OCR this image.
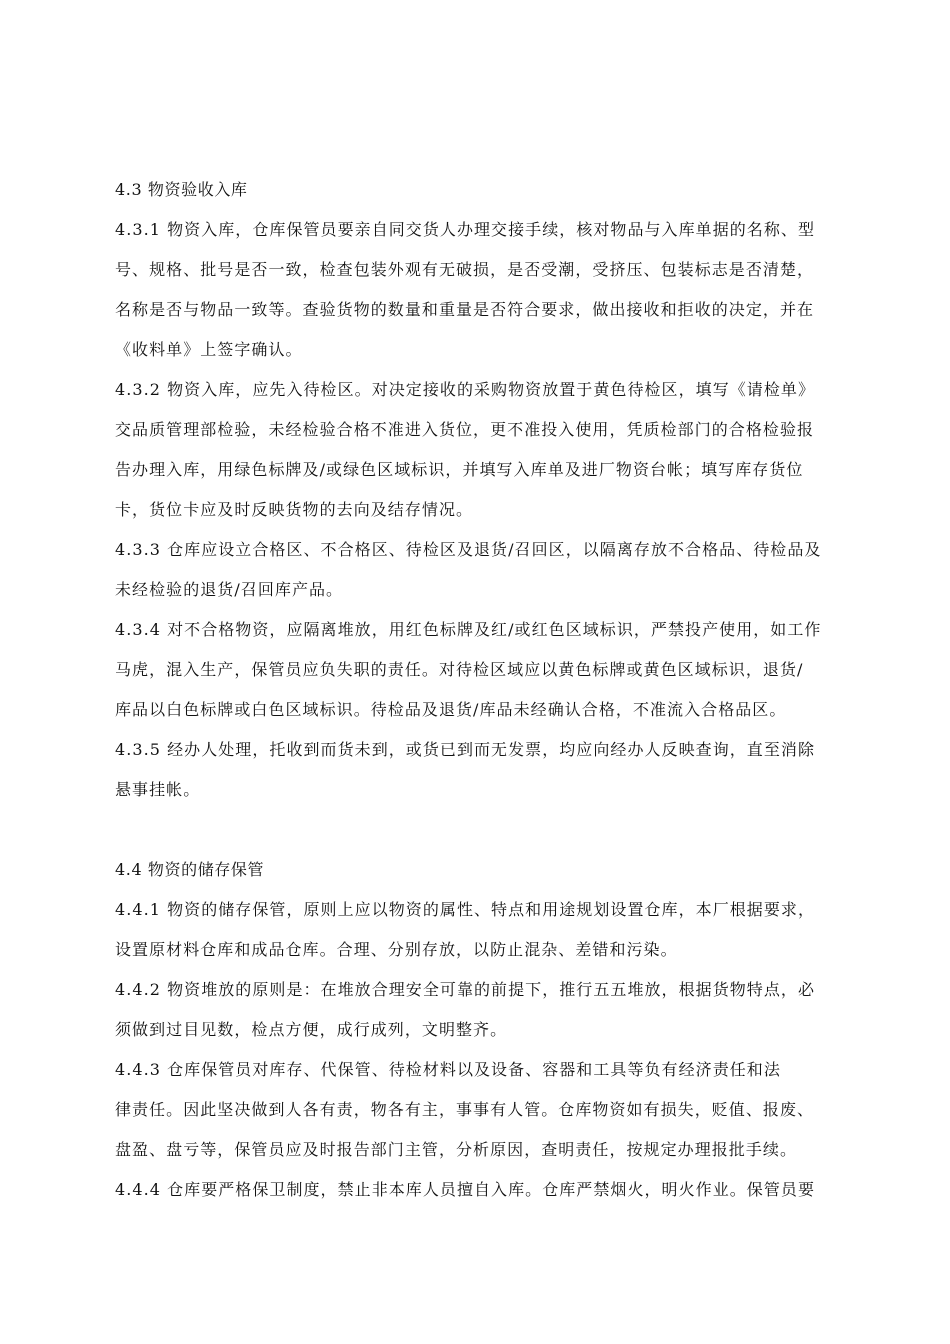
4.3 物资验收入库
4.3.1 物资入库，仓库保管员要亲自同交货人办理交接手续，核对物品与入库单据的名称、型
号、规格、批号是否一致，检查包装外观有无破损，是否受潮，受挤压、包装标志是否清楚，
名称是否与物品一致等。查验货物的数量和重量是否符合要求，做出接收和拒收的决定，并在
《收料单》上签字确认。
4.3.2 物资入库，应先入待检区。对决定接收的采购物资放置于黄色待检区，填写《请检单》
交品质管理部检验，未经检验合格不准进入货位，更不准投入使用，凭质检部门的合格检验报
告办理入库，用绿色标牌及/或绿色区域标识，并填写入库单及进厂物资台帐；填写库存货位
卡，货位卡应及时反映货物的去向及结存情况。
4.3.3 仓库应设立合格区、不合格区、待检区及退货/召回区，以隔离存放不合格品、待检品及
未经检验的退货/召回库产品。
4.3.4 对不合格物资，应隔离堆放，用红色标牌及红/或红色区域标识，严禁投产使用，如工作
马虎，混入生产，保管员应负失职的责任。对待检区域应以黄色标牌或黄色区域标识，退货/
库品以白色标牌或白色区域标识。待检品及退货/库品未经确认合格，不准流入合格品区。
4.3.5 经办人处理，托收到而货未到，或货已到而无发票，均应向经办人反映查询，直至消除
悬事挂帐。
4.4 物资的储存保管
4.4.1 物资的储存保管，原则上应以物资的属性、特点和用途规划设置仓库，本厂根据要求，
设置原材料仓库和成品仓库。合理、分别存放，以防止混杂、差错和污染。
4.4.2 物资堆放的原则是：在堆放合理安全可靠的前提下，推行五五堆放，根据货物特点，必
须做到过目见数，检点方便，成行成列，文明整齐。
4.4.3 仓库保管员对库存、代保管、待检材料以及设备、容器和工具等负有经济责任和法
律责任。因此坚决做到人各有责，物各有主，事事有人管。仓库物资如有损失，贬值、报废、
盘盈、盘亏等，保管员应及时报告部门主管，分析原因，查明责任，按规定办理报批手续。
4.4.4 仓库要严格保卫制度，禁止非本库人员擅自入库。仓库严禁烟火，明火作业。保管员要
